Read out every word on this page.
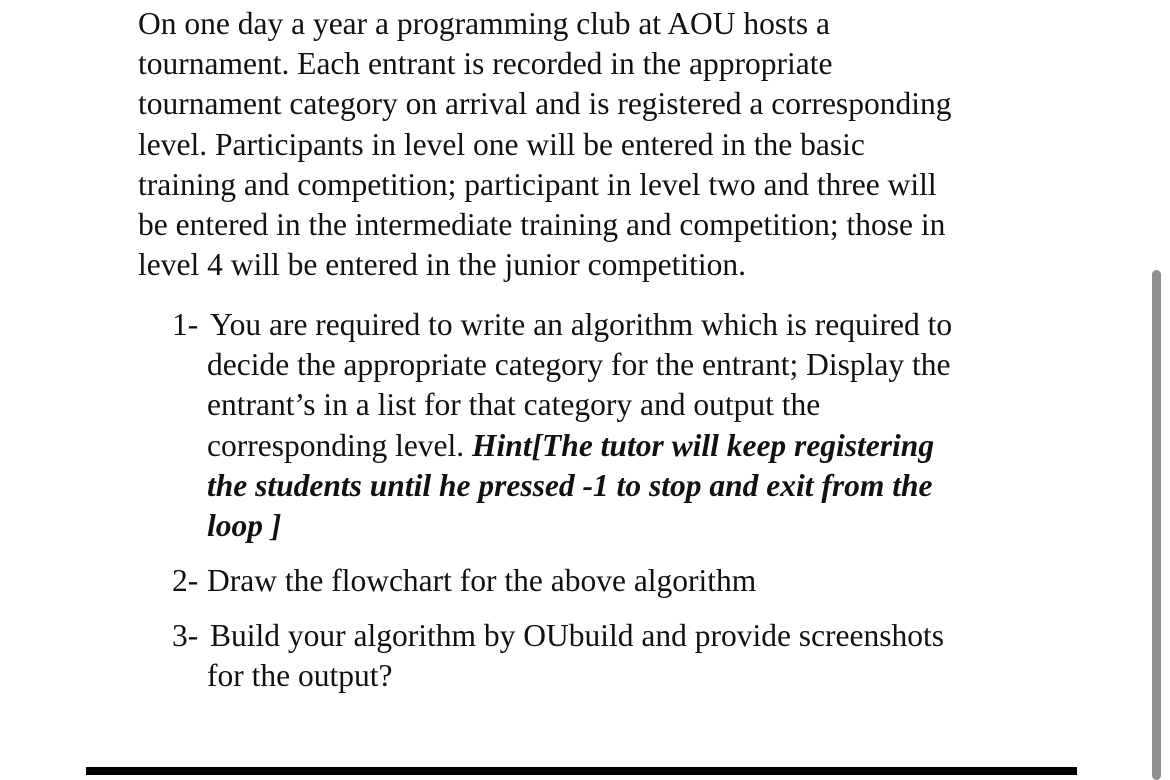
On one day a year a programming club at AOU hosts a
tournament. Each entrant is recorded in the appropriate
tournament category on arrival and is registered a corresponding
level. Participants in level one will be entered in the basic
training and competition; participant in level two and three will
be entered in the intermediate training and competition; those in
level 4 will be entered in the junior competition.
1- You are required to write an algorithm which is required to
decide the appropriate category for the entrant; Display the
entrant’s in a list for that category and output the
corresponding level. Hint[The tutor will keep registering
the students until he pressed -1 to stop and exit from the
loop ]
2- Draw the flowchart for the above algorithm
3- Build your algorithm by OUbuild and provide screenshots
for the output?
